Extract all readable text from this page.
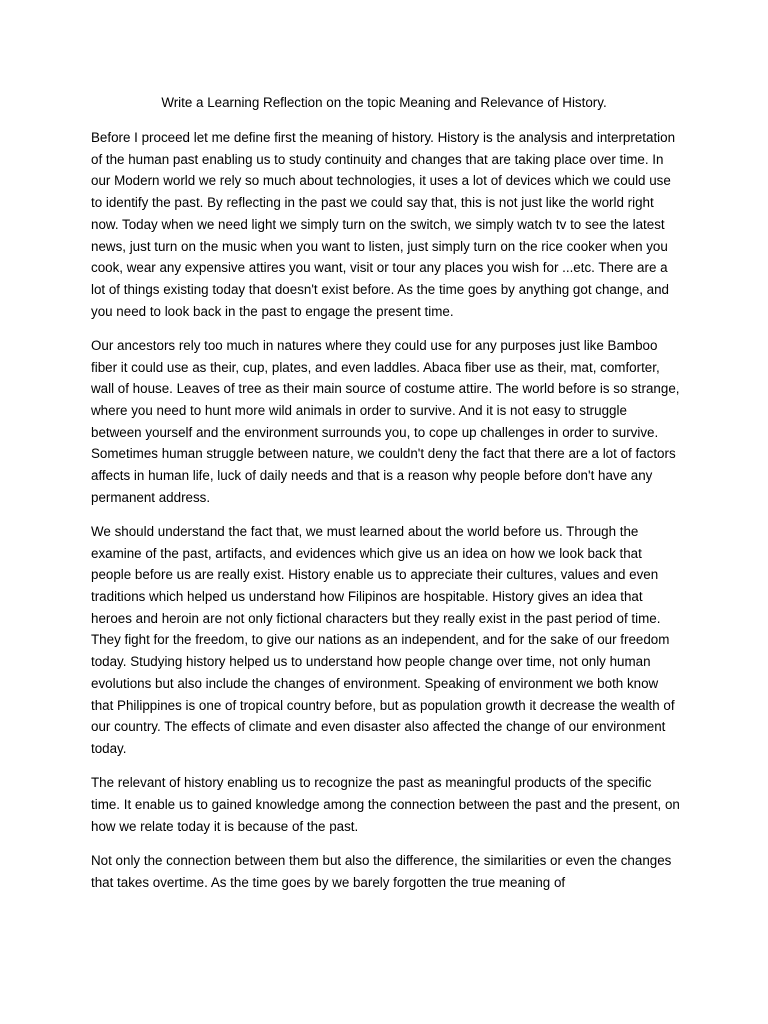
Write a Learning Reflection on the topic Meaning and Relevance of History.

Before I proceed let me define first the meaning of history. History is the analysis and interpretation of the human past enabling us to study continuity and changes that are taking place over time. In our Modern world we rely so much about technologies, it uses a lot of devices which we could use to identify the past. By reflecting in the past we could say that, this is not just like the world right now. Today when we need light we simply turn on the switch, we simply watch tv to see the latest news, just turn on the music when you want to listen, just simply turn on the rice cooker when you cook, wear any expensive attires you want, visit or tour any places you wish for ...etc. There are a lot of things existing today that doesn't exist before. As the time goes by anything got change, and you need to look back in the past to engage the present time.

Our ancestors rely too much in natures where they could use for any purposes just like Bamboo fiber it could use as their, cup, plates, and even laddles. Abaca fiber use as their, mat, comforter, wall of house. Leaves of tree as their main source of costume attire. The world before is so strange, where you need to hunt more wild animals in order to survive. And it is not easy to struggle between yourself and the environment surrounds you, to cope up challenges in order to survive. Sometimes human struggle between nature, we couldn't deny the fact that there are a lot of factors affects in human life, luck of daily needs and that is a reason why people before don't have any permanent address.

We should understand the fact that, we must learned about the world before us. Through the examine of the past, artifacts, and evidences which give us an idea on how we look back that people before us are really exist. History enable us to appreciate their cultures, values and even traditions which helped us understand how Filipinos are hospitable. History gives an idea that heroes and heroin are not only fictional characters but they really exist in the past period of time. They fight for the freedom, to give our nations as an independent, and for the sake of our freedom today. Studying history helped us to understand how people change over time, not only human evolutions but also include the changes of environment. Speaking of environment we both know that Philippines is one of tropical country before, but as population growth it decrease the wealth of our country. The effects of climate and even disaster also affected the change of our environment today.

The relevant of history enabling us to recognize the past as meaningful products of the specific time. It enable us to gained knowledge among the connection between the past and the present, on how we relate today it is because of the past.

Not only the connection between them but also the difference, the similarities or even the changes that takes overtime. As the time goes by we barely forgotten the true meaning of
